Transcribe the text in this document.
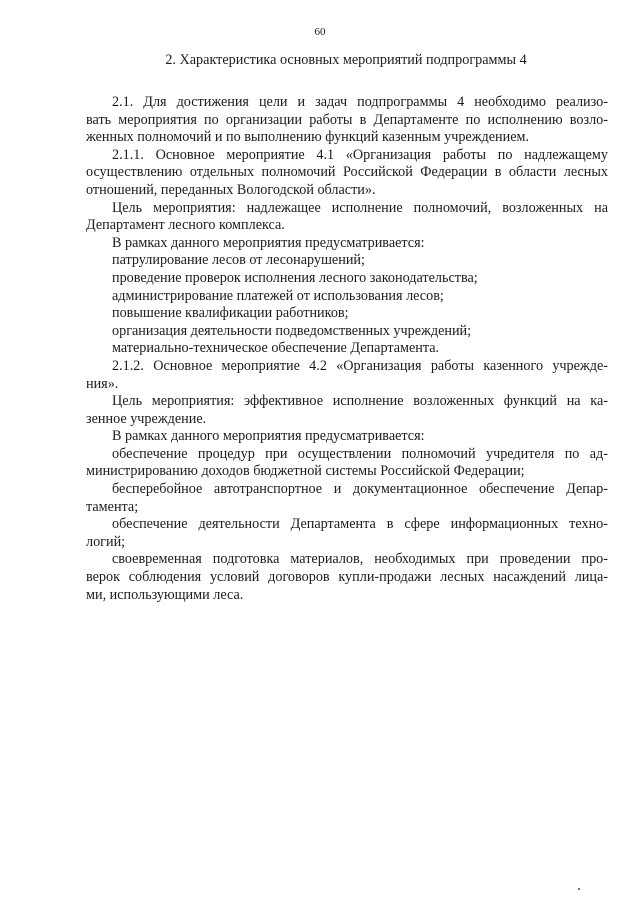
60
2. Характеристика основных мероприятий подпрограммы 4
2.1. Для достижения цели и задач подпрограммы 4 необходимо реализо-
вать мероприятия по организации работы в Департаменте по исполнению возло-
женных полномочий и по выполнению функций казенным учреждением.
2.1.1. Основное мероприятие 4.1 «Организация работы по надлежащему
осуществлению отдельных полномочий Российской Федерации в области лесных
отношений, переданных Вологодской области».
Цель мероприятия: надлежащее исполнение полномочий, возложенных на
Департамент лесного комплекса.
В рамках данного мероприятия предусматривается:
патрулирование лесов от лесонарушений;
проведение проверок исполнения лесного законодательства;
администрирование платежей от использования лесов;
повышение квалификации работников;
организация деятельности подведомственных учреждений;
материально-техническое обеспечение Департамента.
2.1.2. Основное мероприятие 4.2 «Организация работы казенного учрежде-
ния».
Цель мероприятия: эффективное исполнение возложенных функций на ка-
зенное учреждение.
В рамках данного мероприятия предусматривается:
обеспечение процедур при осуществлении полномочий учредителя по ад-
министрированию доходов бюджетной системы Российской Федерации;
бесперебойное автотранспортное и документационное обеспечение Депар-
тамента;
обеспечение деятельности Департамента в сфере информационных техно-
логий;
своевременная подготовка материалов, необходимых при проведении про-
верок соблюдения условий договоров купли-продажи лесных насаждений лица-
ми, использующими леса.
